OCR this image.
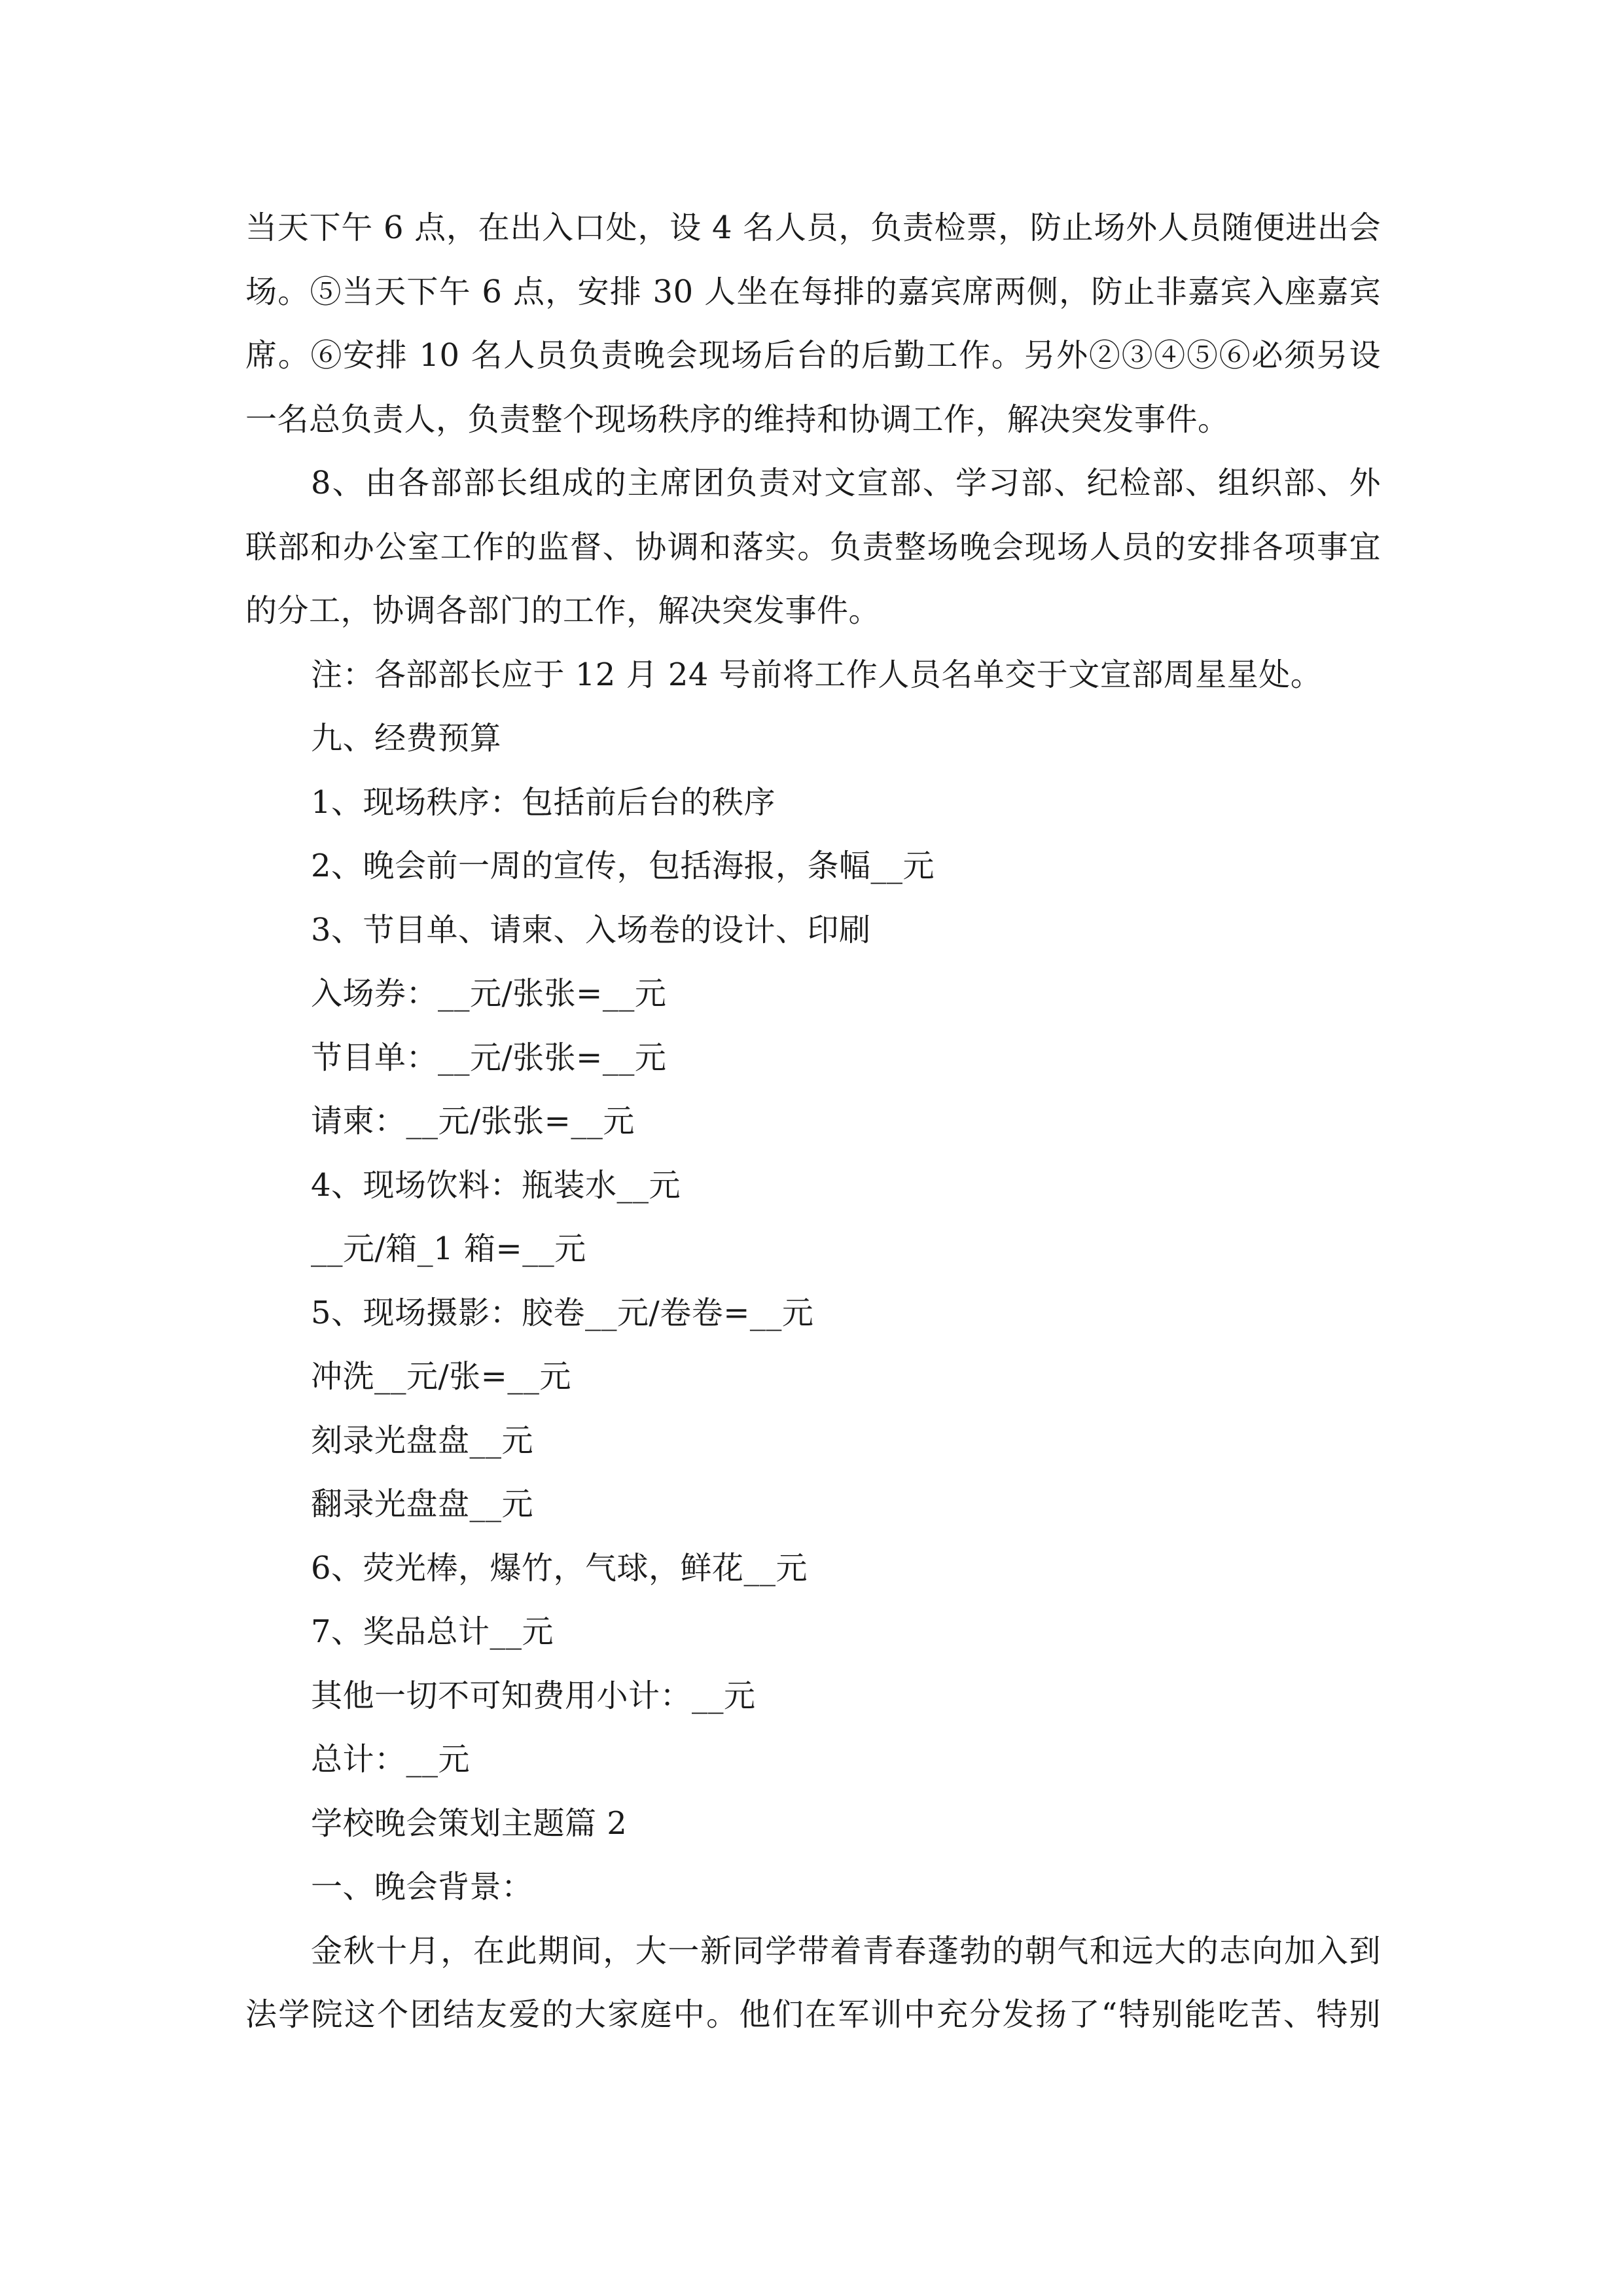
当天下午 6 点，在出入口处，设 4 名人员，负责检票，防止场外人员随便进出会
场。⑤当天下午 6 点，安排 30 人坐在每排的嘉宾席两侧，防止非嘉宾入座嘉宾
席。⑥安排 10 名人员负责晚会现场后台的后勤工作。另外②③④⑤⑥必须另设
一名总负责人，负责整个现场秩序的维持和协调工作，解决突发事件。
8、由各部部长组成的主席团负责对文宣部、学习部、纪检部、组织部、外
联部和办公室工作的监督、协调和落实。负责整场晚会现场人员的安排各项事宜
的分工，协调各部门的工作，解决突发事件。
注：各部部长应于 12 月 24 号前将工作人员名单交于文宣部周星星处。
九、经费预算
1、现场秩序：包括前后台的秩序
2、晚会前一周的宣传，包括海报，条幅__元
3、节目单、请柬、入场卷的设计、印刷
入场券：__元/张张=__元
节目单：__元/张张=__元
请柬：__元/张张=__元
4、现场饮料：瓶装水__元
__元/箱_1 箱=__元
5、现场摄影：胶卷__元/卷卷=__元
冲洗__元/张=__元
刻录光盘盘__元
翻录光盘盘__元
6、荧光棒，爆竹，气球，鲜花__元
7、奖品总计__元
其他一切不可知费用小计：__元
总计：__元
学校晚会策划主题篇 2
一、晚会背景：
金秋十月，在此期间，大一新同学带着青春蓬勃的朝气和远大的志向加入到
法学院这个团结友爱的大家庭中。他们在军训中充分发扬了“特别能吃苦、特别
